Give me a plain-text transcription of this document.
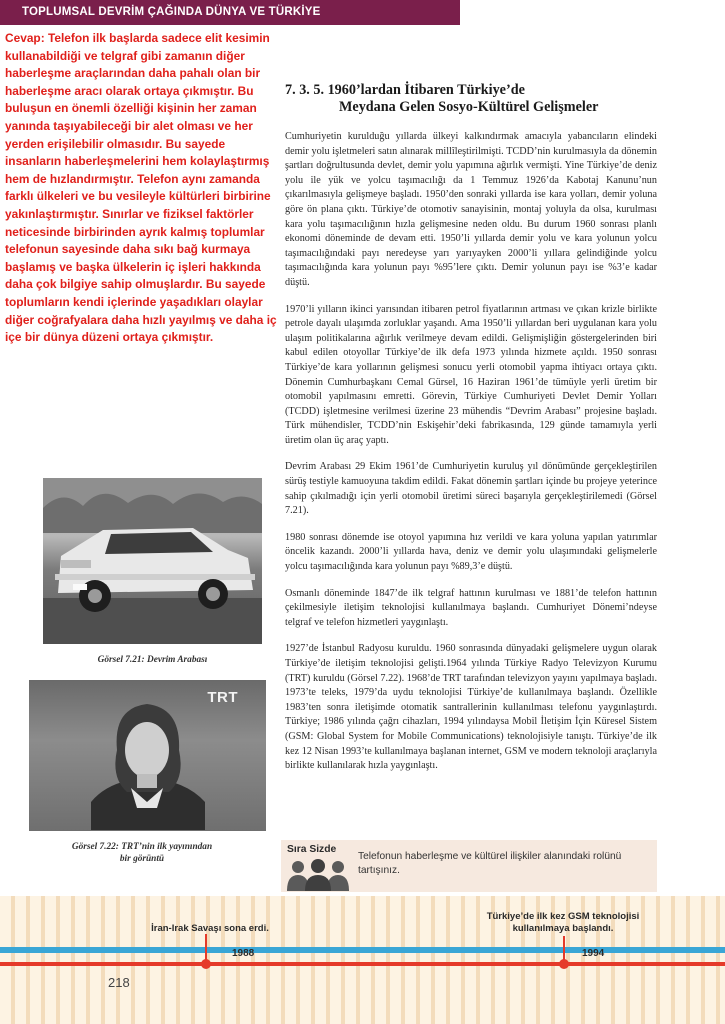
TOPLUMSAL DEVRİM ÇAĞINDA DÜNYA VE TÜRKİYE
Cevap: Telefon ilk başlarda sadece elit kesimin kullanabildiği ve telgraf gibi zamanın diğer haberleşme araçlarından daha pahalı olan bir haberleşme aracı olarak ortaya çıkmıştır. Bu buluşun en önemli özelliği kişinin her zaman yanında taşıyabileceği bir alet olması ve her yerden erişilebilir olmasıdır. Bu sayede insanların haberleşmelerini hem kolaylaştırmış hem de hızlandırmıştır. Telefon aynı zamanda farklı ülkeleri ve bu vesileyle kültürleri birbirine yakınlaştırmıştır. Sınırlar ve fiziksel faktörler neticesinde birbirinden ayrık kalmış toplumlar telefonun sayesinde daha sıkı bağ kurmaya başlamış ve başka ülkelerin iç işleri hakkında daha çok bilgiye sahip olmuşlardır. Bu sayede toplumların kendi içlerinde yaşadıkları olaylar diğer coğrafyalara daha hızlı yayılmış ve daha iç içe bir dünya düzeni ortaya çıkmıştır.
7. 3. 5. 1960’lardan İtibaren Türkiye’de
Meydana Gelen Sosyo-Kültürel Gelişmeler

Cumhuriyetin kurulduğu yıllarda ülkeyi kalkındırmak amacıyla yabancıların elindeki demir yolu işletmeleri satın alınarak millîleştirilmişti. TCDD’nin kurulmasıyla da dönemin şartları doğrultusunda devlet, demir yolu yapımına ağırlık vermişti. Yine Türkiye’de deniz yolu ile yük ve yolcu taşımacılığı da 1 Temmuz 1926’da Kabotaj Kanunu’nun çıkarılmasıyla gelişmeye başladı. 1950’den sonraki yıllarda ise kara yolları, demir yoluna göre ön plana çıktı. Türkiye’de otomotiv sanayisinin, montaj yoluyla da olsa, kurulması kara yolu taşımacılığının hızla gelişmesine neden oldu. Bu durum 1960 sonrası planlı ekonomi döneminde de devam etti. 1950’li yıllarda demir yolu ve kara yolunun yolcu taşımacılığındaki payı neredeyse yarı yarıyayken 2000’li yıllara gelindiğinde yolcu taşımacılığında kara yolunun payı %95’lere çıktı. Demir yolunun payı ise %3’e kadar düştü.

1970’li yılların ikinci yarısından itibaren petrol fiyatlarının artması ve çıkan krizle birlikte petrole dayalı ulaşımda zorluklar yaşandı. Ama 1950’li yıllardan beri uygulanan kara yolu ulaşım politikalarına ağırlık verilmeye devam edildi. Gelişmişliğin göstergelerinden biri kabul edilen otoyollar Türkiye’de ilk defa 1973 yılında hizmete açıldı. 1950 sonrası Türkiye’de kara yollarının gelişmesi sonucu yerli otomobil yapma ihtiyacı ortaya çıktı. Dönemin Cumhurbaşkanı Cemal Gürsel, 16 Haziran 1961’de tümüyle yerli üretim bir otomobil yapılmasını emretti. Görevin, Türkiye Cumhuriyeti Devlet Demir Yolları (TCDD) işletmesine verilmesi üzerine 23 mühendis “Devrim Arabası” projesine başladı. Türk mühendisler, TCDD’nin Eskişehir’deki fabrikasında, 129 günde tamamıyla yerli üretim olan üç araç yaptı.

Devrim Arabası 29 Ekim 1961’de Cumhuriyetin kuruluş yıl dönümünde gerçekleştirilen sürüş testiyle kamuoyuna takdim edildi. Fakat dönemin şartları içinde bu projeye yeterince sahip çıkılmadığı için yerli otomobil üretimi süreci başarıyla gerçekleştirilemedi (Görsel 7.21).

1980 sonrası dönemde ise otoyol yapımına hız verildi ve kara yoluna yapılan yatırımlar öncelik kazandı. 2000’li yıllarda hava, deniz ve demir yolu ulaşımındaki gelişmelerle yolcu taşımacılığında kara yolunun payı %89,3’e düştü.

Osmanlı döneminde 1847’de ilk telgraf hattının kurulması ve 1881’de telefon hattının çekilmesiyle iletişim teknolojisi kullanılmaya başlandı. Cumhuriyet Dönemi’ndeyse telgraf ve telefon hizmetleri yaygınlaştı.

1927’de İstanbul Radyosu kuruldu. 1960 sonrasında dünyadaki gelişmelere uygun olarak Türkiye’de iletişim teknolojisi gelişti.1964 yılında Türkiye Radyo Televizyon Kurumu (TRT) kuruldu (Görsel 7.22). 1968’de TRT tarafından televizyon yayını yapılmaya başladı. 1973’te teleks, 1979’da uydu teknolojisi Türkiye’de kullanılmaya başlandı. Özellikle 1983’ten sonra iletişimde otomatik santrallerinin kullanılması telefonu yaygınlaştırdı. Türkiye; 1986 yılında çağrı cihazları, 1994 yılındaysa Mobil İletişim İçin Küresel Sistem (GSM: Global System for Mobile Communications) teknolojisiyle tanıştı. Türkiye’de ilk kez 12 Nisan 1993’te kullanılmaya başlanan internet, GSM ve modern teknoloji araçlarıyla birlikte kullanılarak hızla yaygınlaştı.

Görsel 7.21: Devrim Arabası
TRT
Görsel 7.22: TRT’nin ilk yayınından
bir görüntü
Sıra Sizde
Telefonun haberleşme ve kültürel ilişkiler alanındaki rolünü tartışınız.
İran-Irak Savaşı sona erdi.
1988
Türkiye’de ilk kez GSM teknolojisi
kullanılmaya başlandı.
1994
218
